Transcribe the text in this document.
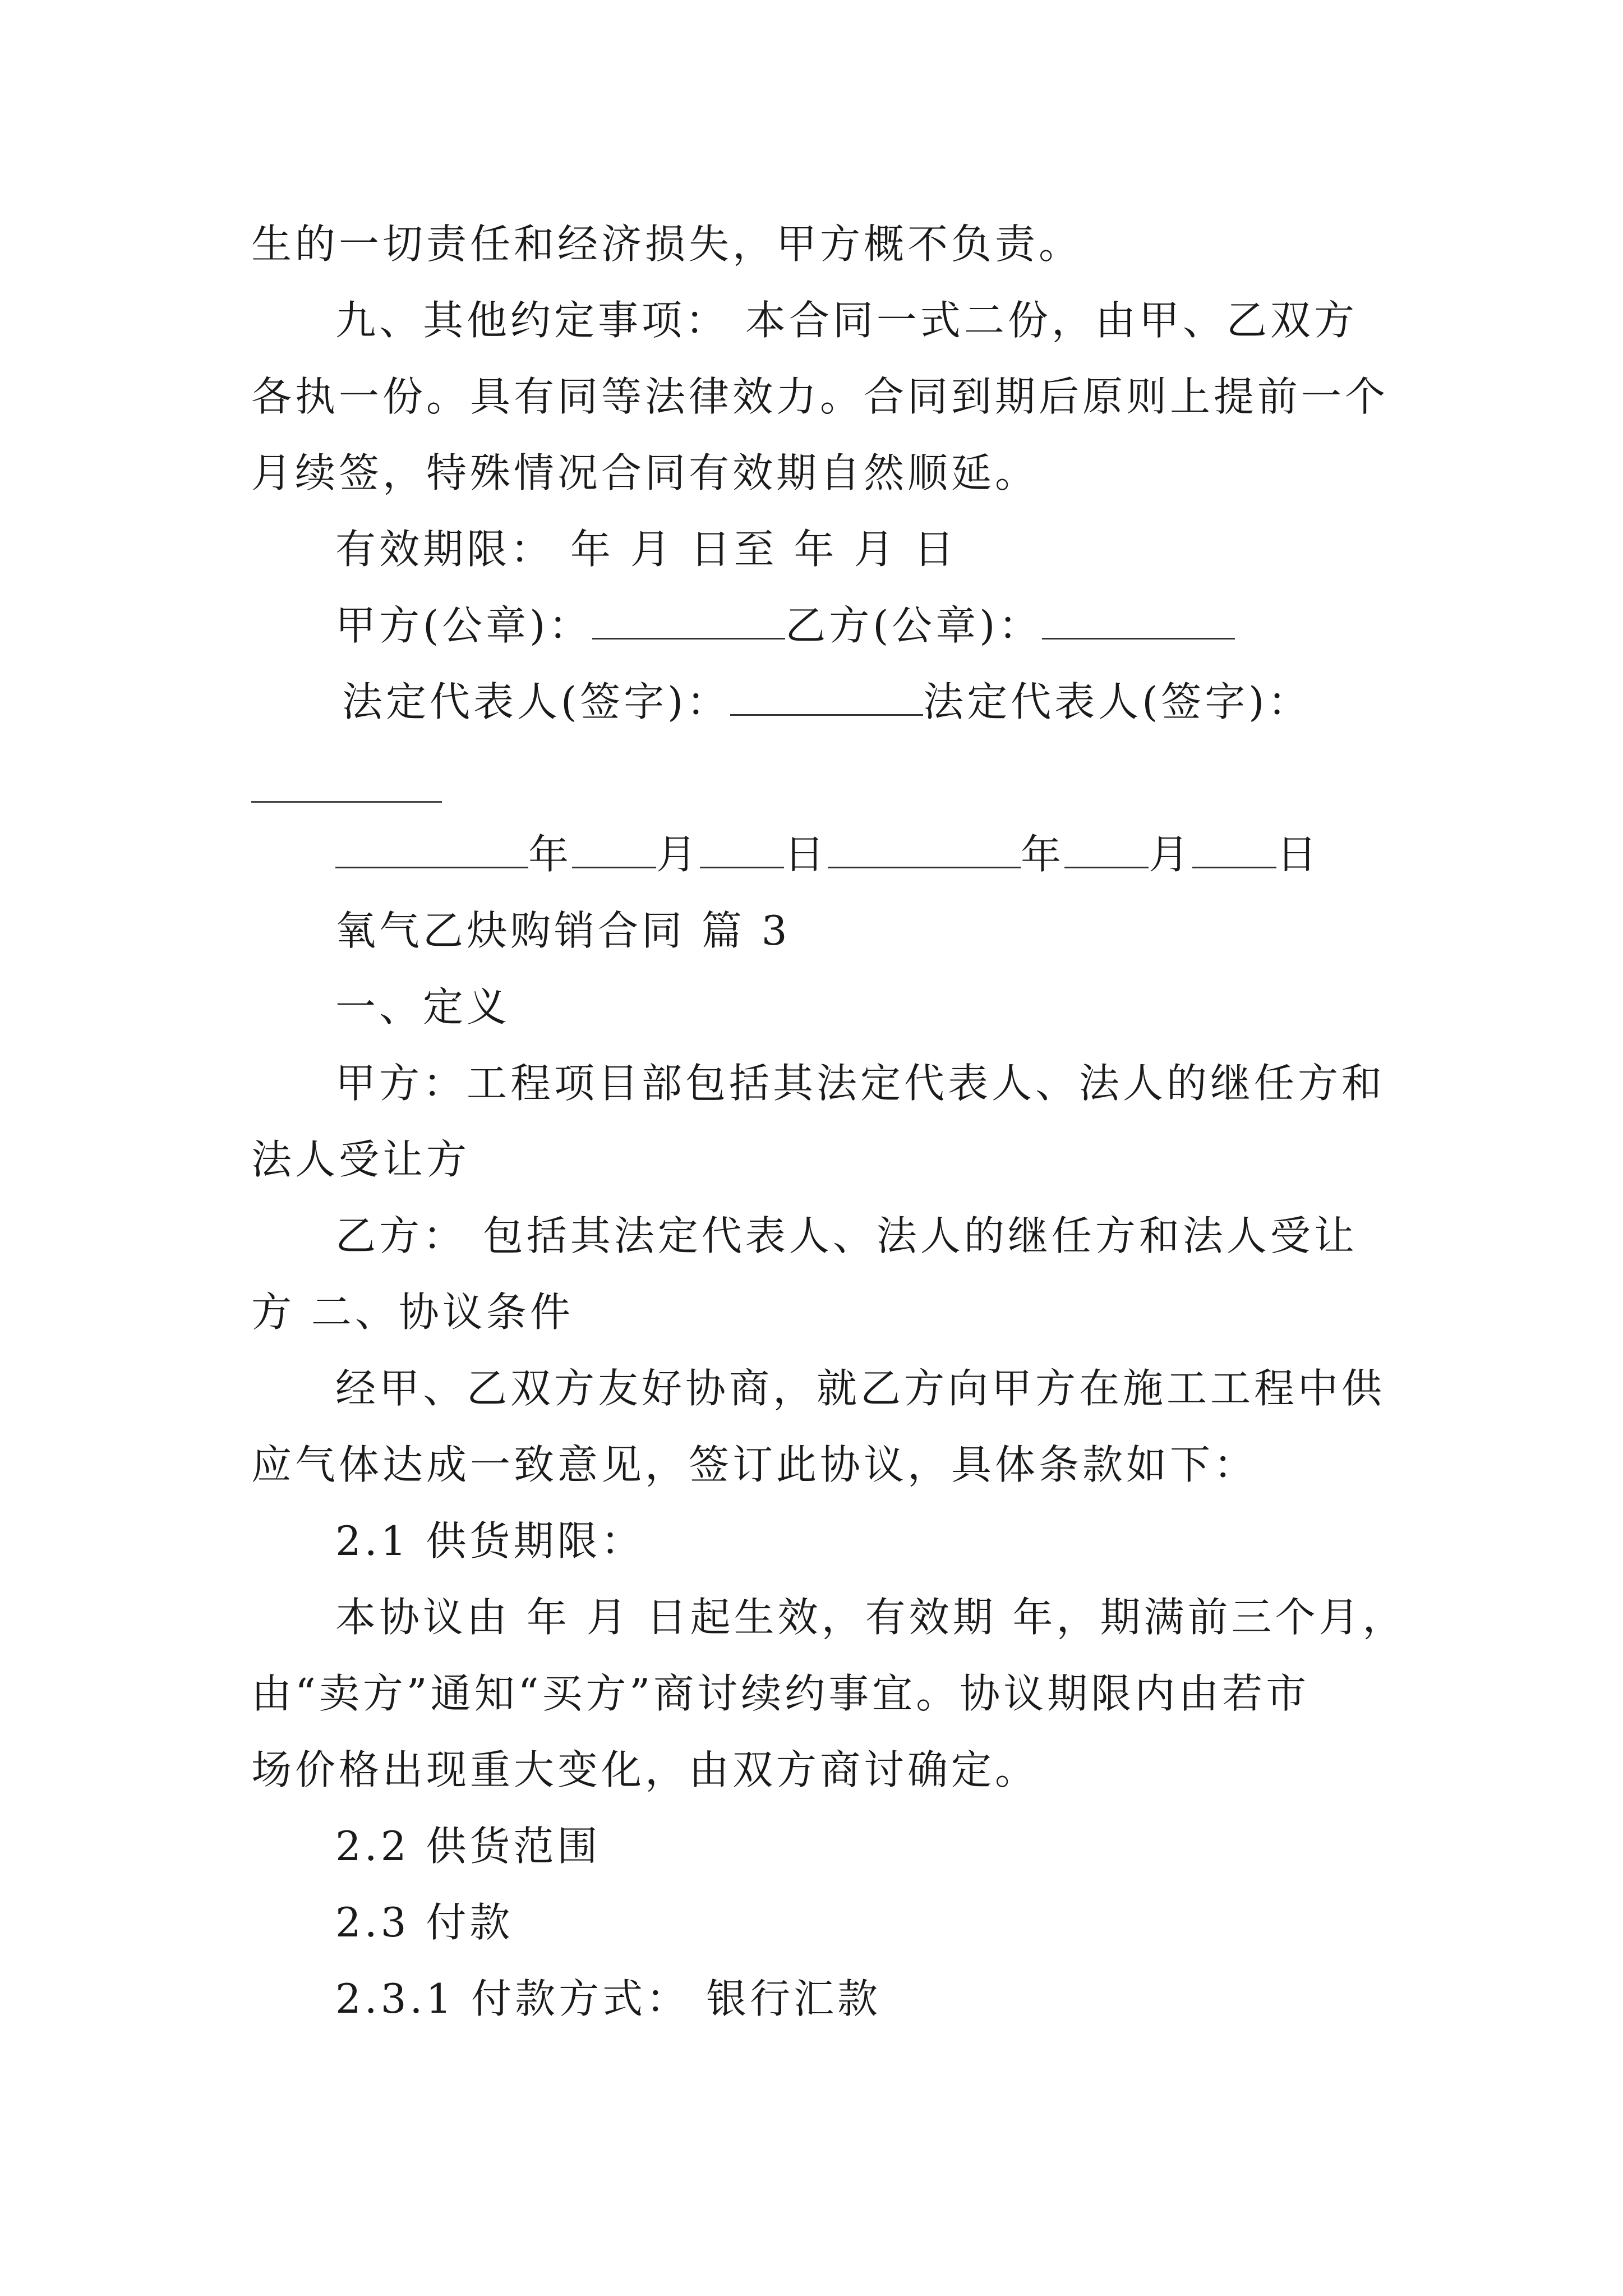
生的一切责任和经济损失，甲方概不负责。
九、其他约定事项： 本合同一式二份，由甲、乙双方
各执一份。具有同等法律效力。合同到期后原则上提前一个
月续签，特殊情况合同有效期自然顺延。
有效期限： 年 月 日至 年 月 日
甲方(公章)：	乙方(公章)：
法定代表人(签字)：	法定代表人(签字)：
年 月 日	年 月 日
氧气乙炔购销合同 篇 3
一、定义
甲方：工程项目部包括其法定代表人、法人的继任方和
法人受让方
乙方： 包括其法定代表人、法人的继任方和法人受让
方 二、协议条件
经甲、乙双方友好协商，就乙方向甲方在施工工程中供
应气体达成一致意见，签订此协议，具体条款如下：
2.1 供货期限：
本协议由 年 月 日起生效，有效期 年，期满前三个月，
由“卖方”通知“买方”商讨续约事宜。协议期限内由若市
场价格出现重大变化，由双方商讨确定。
2.2 供货范围
2.3 付款
2.3.1 付款方式： 银行汇款
